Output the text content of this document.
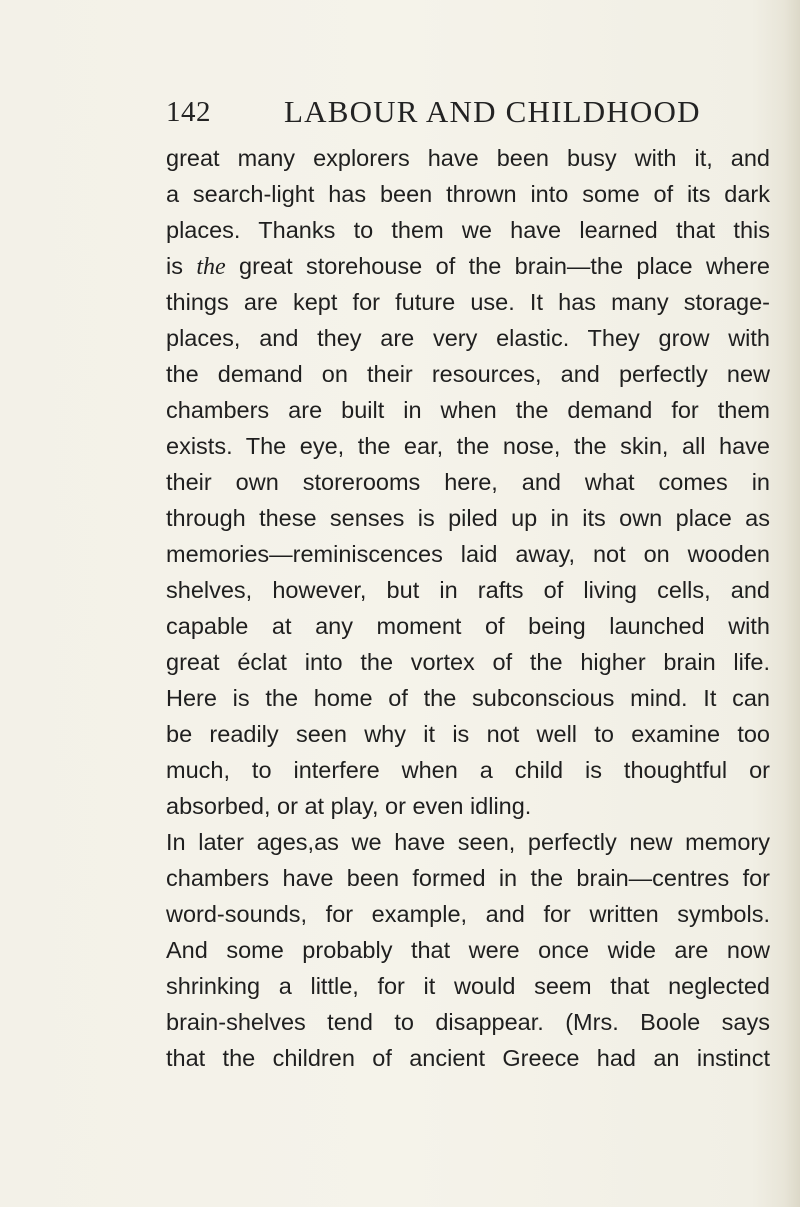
142 LABOUR AND CHILDHOOD
great many explorers have been busy with it, and
a search-light has been thrown into some of its dark
places. Thanks to them we have learned that this
is the great storehouse of the brain—the place where
things are kept for future use. It has many storage-
places, and they are very elastic. They grow with
the demand on their resources, and perfectly new
chambers are built in when the demand for them
exists. The eye, the ear, the nose, the skin, all have
their own storerooms here, and what comes in
through these senses is piled up in its own place as
memories—reminiscences laid away, not on wooden
shelves, however, but in rafts of living cells, and
capable at any moment of being launched with
great éclat into the vortex of the higher brain life.
Here is the home of the subconscious mind. It can
be readily seen why it is not well to examine too
much, to interfere when a child is thoughtful or
absorbed, or at play, or even idling.
In later ages,as we have seen, perfectly new memory
chambers have been formed in the brain—centres for
word-sounds, for example, and for written symbols.
And some probably that were once wide are now
shrinking a little, for it would seem that neglected
brain-shelves tend to disappear. (Mrs. Boole says
that the children of ancient Greece had an instinct
